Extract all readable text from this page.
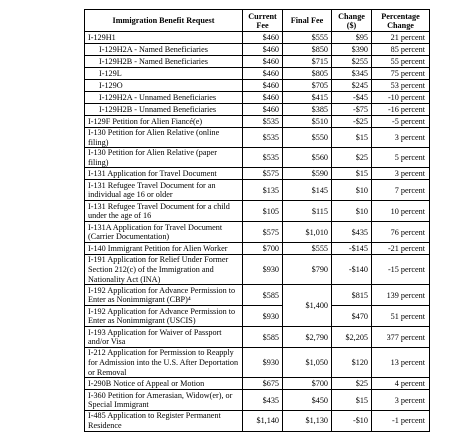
Immigration Benefit Request	Current Fee	Final Fee	Change ($)	Percentage Change
I-129H1	$460	$555	$95	21 percent
I-129H2A - Named Beneficiaries	$460	$850	$390	85 percent
I-129H2B - Named Beneficiaries	$460	$715	$255	55 percent
I-129L	$460	$805	$345	75 percent
I-129O	$460	$705	$245	53 percent
I-129H2A - Unnamed Beneficiaries	$460	$415	-$45	-10 percent
I-129H2B - Unnamed Beneficiaries	$460	$385	-$75	-16 percent
I-129F Petition for Alien Fiancé(e)	$535	$510	-$25	-5 percent
I-130 Petition for Alien Relative (online filing)	$535	$550	$15	3 percent
I-130 Petition for Alien Relative (paper filing)	$535	$560	$25	5 percent
I-131 Application for Travel Document	$575	$590	$15	3 percent
I-131 Refugee Travel Document for an individual age 16 or older	$135	$145	$10	7 percent
I-131 Refugee Travel Document for a child under the age of 16	$105	$115	$10	10 percent
I-131A Application for Travel Document (Carrier Documentation)	$575	$1,010	$435	76 percent
I-140 Immigrant Petition for Alien Worker	$700	$555	-$145	-21 percent
I-191 Application for Relief Under Former Section 212(c) of the Immigration and Nationality Act (INA)	$930	$790	-$140	-15 percent
I-192 Application for Advance Permission to Enter as Nonimmigrant (CBP)⁴	$585	$1,400	$815	139 percent
I-192 Application for Advance Permission to Enter as Nonimmigrant (USCIS)	$930		$470	51 percent
I-193 Application for Waiver of Passport and/or Visa	$585	$2,790	$2,205	377 percent
I-212 Application for Permission to Reapply for Admission into the U.S. After Deportation or Removal	$930	$1,050	$120	13 percent
I-290B Notice of Appeal or Motion	$675	$700	$25	4 percent
I-360 Petition for Amerasian, Widow(er), or Special Immigrant	$435	$450	$15	3 percent
I-485 Application to Register Permanent Residence	$1,140	$1,130	-$10	-1 percent
